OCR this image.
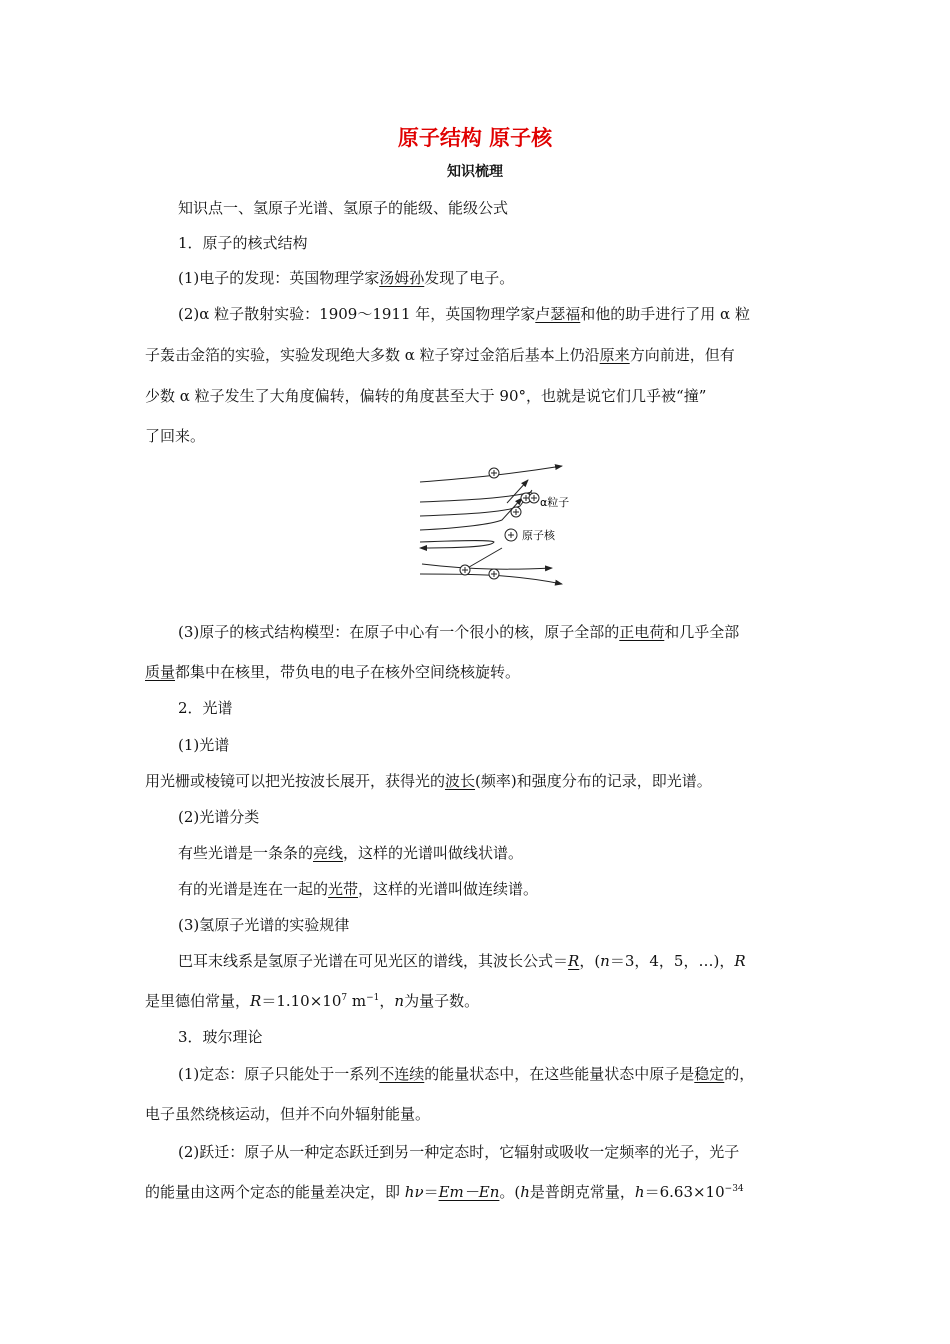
原子结构 原子核
知识梳理
知识点一、氢原子光谱、氢原子的能级、能级公式
1．原子的核式结构
(1)电子的发现：英国物理学家汤姆孙发现了电子。
(2)α 粒子散射实验：1909～1911 年，英国物理学家卢瑟福和他的助手进行了用 α 粒
子轰击金箔的实验，实验发现绝大多数 α 粒子穿过金箔后基本上仍沿原来方向前进，但有
少数 α 粒子发生了大角度偏转，偏转的角度甚至大于 90°，也就是说它们几乎被“撞”
了回来。
α粒子
原子核
(3)原子的核式结构模型：在原子中心有一个很小的核，原子全部的正电荷和几乎全部
质量都集中在核里，带负电的电子在核外空间绕核旋转。
2．光谱
(1)光谱
用光栅或棱镜可以把光按波长展开，获得光的波长(频率)和强度分布的记录，即光谱。
(2)光谱分类
有些光谱是一条条的亮线，这样的光谱叫做线状谱。
有的光谱是连在一起的光带，这样的光谱叫做连续谱。
(3)氢原子光谱的实验规律
巴耳末线系是氢原子光谱在可见光区的谱线，其波长公式＝R，(n＝3，4，5，…)，R
是里德伯常量，$R=1.10\times 10^7$ $m^{-1}$，n为量子数。
3．玻尔理论
(1)定态：原子只能处于一系列不连续的能量状态中，在这些能量状态中原子是稳定的，
电子虽然绕核运动，但并不向外辐射能量。
(2)跃迁：原子从一种定态跃迁到另一种定态时，它辐射或吸收一定频率的光子，光子
的能量由这两个定态的能量差决定，即 hν＝Em－En。(h是普朗克常量，$h=6.63\times 10^{-34}$
